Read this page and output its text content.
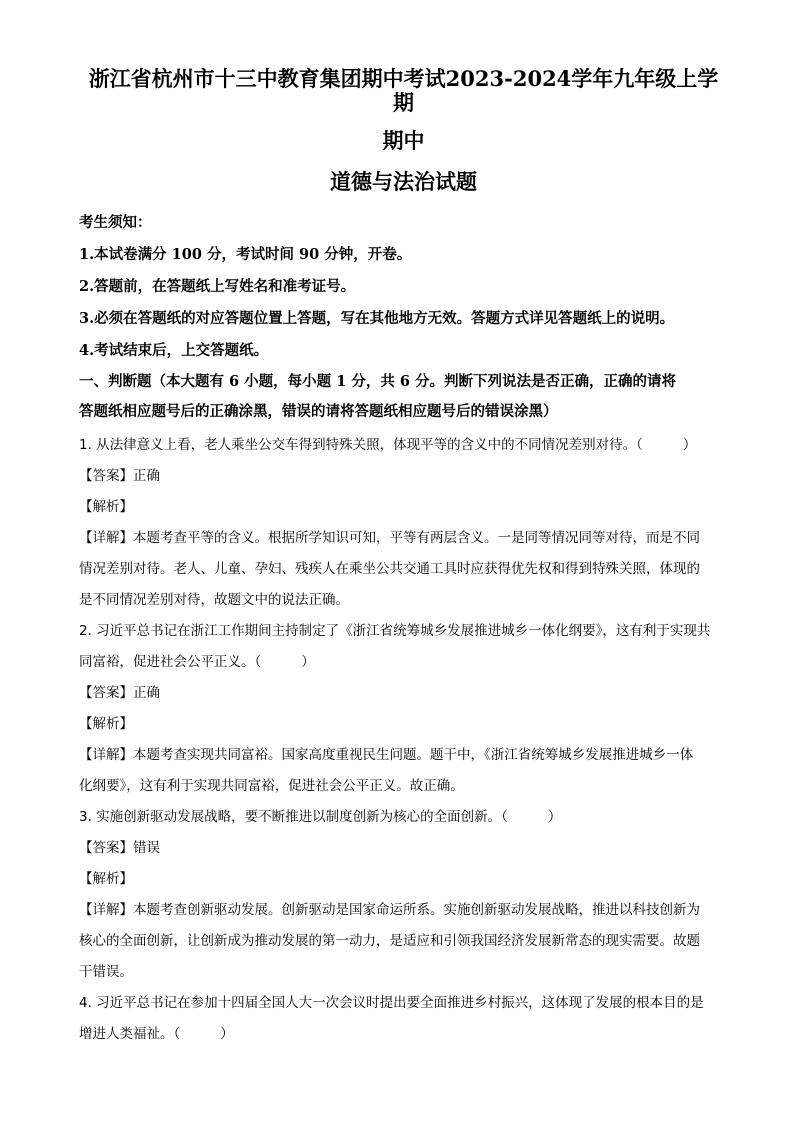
浙江省杭州市十三中教育集团期中考试2023-2024学年九年级上学期

期中

道德与法治试题

考生须知：

1.本试卷满分 100 分，考试时间 90 分钟，开卷。

2.答题前，在答题纸上写姓名和准考证号。

3.必须在答题纸的对应答题位置上答题，写在其他地方无效。答题方式详见答题纸上的说明。

4.考试结束后，上交答题纸。

一、判断题（本大题有 6 小题，每小题 1 分，共 6 分。判断下列说法是否正确，正确的请将

答题纸相应题号后的正确涂黑，错误的请将答题纸相应题号后的错误涂黑）

1. 从法律意义上看，老人乘坐公交车得到特殊关照，体现平等的含义中的不同情况差别对待。（	）

【答案】正确

【解析】

【详解】本题考查平等的含义。根据所学知识可知，平等有两层含义。一是同等情况同等对待，而是不同

情况差别对待。老人、儿童、孕妇、残疾人在乘坐公共交通工具时应获得优先权和得到特殊关照，体现的

是不同情况差别对待，故题文中的说法正确。

2. 习近平总书记在浙江工作期间主持制定了《浙江省统筹城乡发展推进城乡一体化纲要》，这有利于实现共

同富裕，促进社会公平正义。（	）

【答案】正确

【解析】

【详解】本题考查实现共同富裕。国家高度重视民生问题。题干中，《浙江省统筹城乡发展推进城乡一体

化纲要》，这有利于实现共同富裕，促进社会公平正义。故正确。

3. 实施创新驱动发展战略，要不断推进以制度创新为核心的全面创新。（	）

【答案】错误

【解析】

【详解】本题考查创新驱动发展。创新驱动是国家命运所系。实施创新驱动发展战略，推进以科技创新为

核心的全面创新，让创新成为推动发展的第一动力，是适应和引领我国经济发展新常态的现实需要。故题

干错误。

4. 习近平总书记在参加十四届全国人大一次会议时提出要全面推进乡村振兴，这体现了发展的根本目的是

增进人类福祉。（	）
